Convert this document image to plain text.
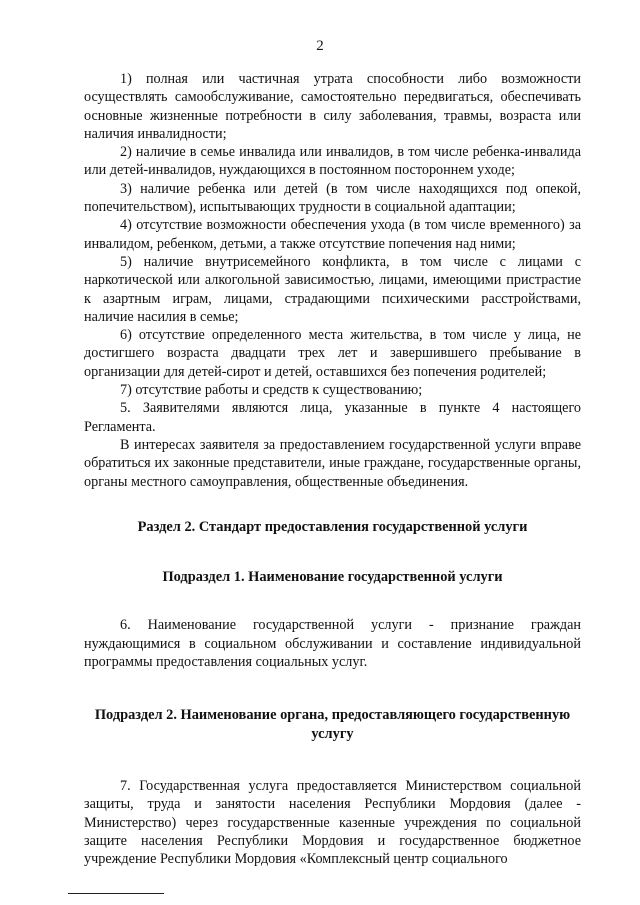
2

1) полная или частичная утрата способности либо возможности осуществлять самообслуживание, самостоятельно передвигаться, обеспечивать основные жизненные потребности в силу заболевания, травмы, возраста или наличия инвалидности;

2) наличие в семье инвалида или инвалидов, в том числе ребенка-инвалида или детей-инвалидов, нуждающихся в постоянном постороннем уходе;

3) наличие ребенка или детей (в том числе находящихся под опекой, попечительством), испытывающих трудности в социальной адаптации;

4) отсутствие возможности обеспечения ухода (в том числе временного) за инвалидом, ребенком, детьми, а также отсутствие попечения над ними;

5) наличие внутрисемейного конфликта, в том числе с лицами с наркотической или алкогольной зависимостью, лицами, имеющими пристрастие к азартным играм, лицами, страдающими психическими расстройствами, наличие насилия в семье;

6) отсутствие определенного места жительства, в том числе у лица, не достигшего возраста двадцати трех лет и завершившего пребывание в организации для детей-сирот и детей, оставшихся без попечения родителей;

7) отсутствие работы и средств к существованию;

5. Заявителями являются лица, указанные в пункте 4 настоящего Регламента.

В интересах заявителя за предоставлением государственной услуги вправе обратиться их законные представители, иные граждане, государственные органы, органы местного самоуправления, общественные объединения.

Раздел 2. Стандарт предоставления государственной услуги

Подраздел 1. Наименование государственной услуги

6. Наименование государственной услуги - признание граждан нуждающимися в социальном обслуживании и составление индивидуальной программы предоставления социальных услуг.

Подраздел 2. Наименование органа, предоставляющего государственную услугу

7. Государственная услуга предоставляется Министерством социальной защиты, труда и занятости населения Республики Мордовия (далее - Министерство) через государственные казенные учреждения по социальной защите населения Республики Мордовия и государственное бюджетное учреждение Республики Мордовия «Комплексный центр социального
